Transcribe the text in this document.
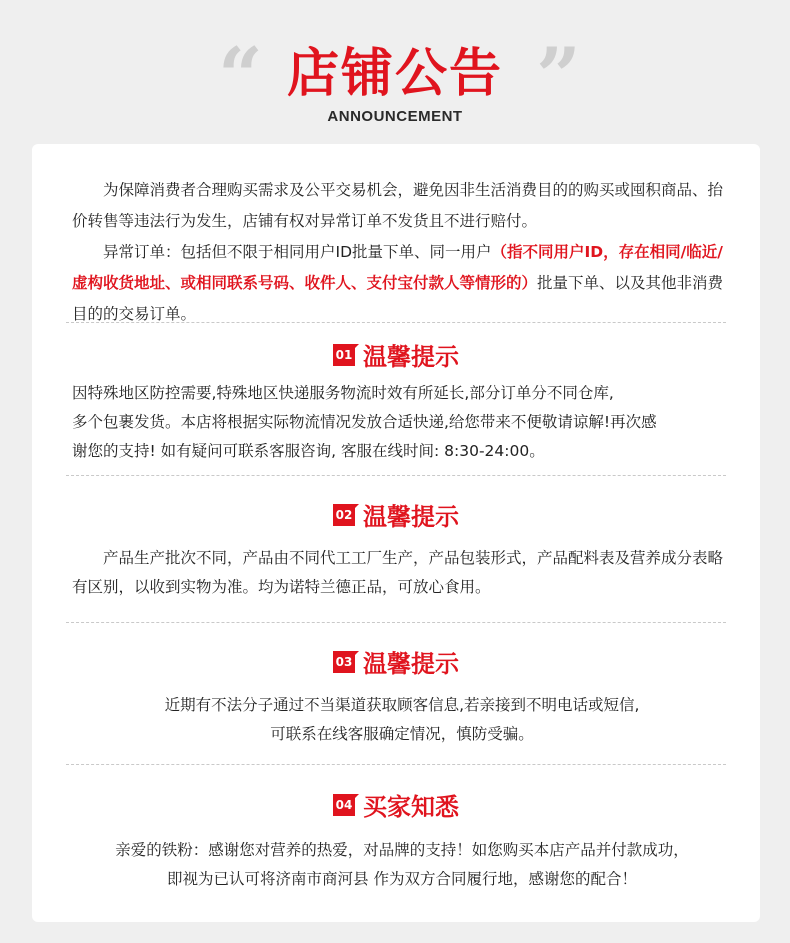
“ 店铺公告 ”
ANNOUNCEMENT

为保障消费者合理购买需求及公平交易机会，避免因非生活消费目的的购买或囤积商品、抬价转售等违法行为发生，店铺有权对异常订单不发货且不进行赔付。

异常订单：包括但不限于相同用户ID批量下单、同一用户（指不同用户ID，存在相同/临近/虚构收货地址、或相同联系号码、收件人、支付宝付款人等情形的）批量下单、以及其他非消费目的的交易订单。

01 温馨提示

因特殊地区防控需要,特殊地区快递服务物流时效有所延长,部分订单分不同仓库,

多个包裹发货。本店将根据实际物流情况发放合适快递,给您带来不便敬请谅解!再次感

谢您的支持! 如有疑问可联系客服咨询, 客服在线时间: 8:30-24:00。

02 温馨提示

产品生产批次不同，产品由不同代工工厂生产，产品包装形式，产品配料表及营养成分表略有区别，以收到实物为准。均为诺特兰德正品，可放心食用。

03 温馨提示

近期有不法分子通过不当渠道获取顾客信息,若亲接到不明电话或短信,

可联系在线客服确定情况，慎防受骗。

04 买家知悉

亲爱的铁粉：感谢您对营养的热爱，对品牌的支持！如您购买本店产品并付款成功，

即视为已认可将济南市商河县 作为双方合同履行地，感谢您的配合！
